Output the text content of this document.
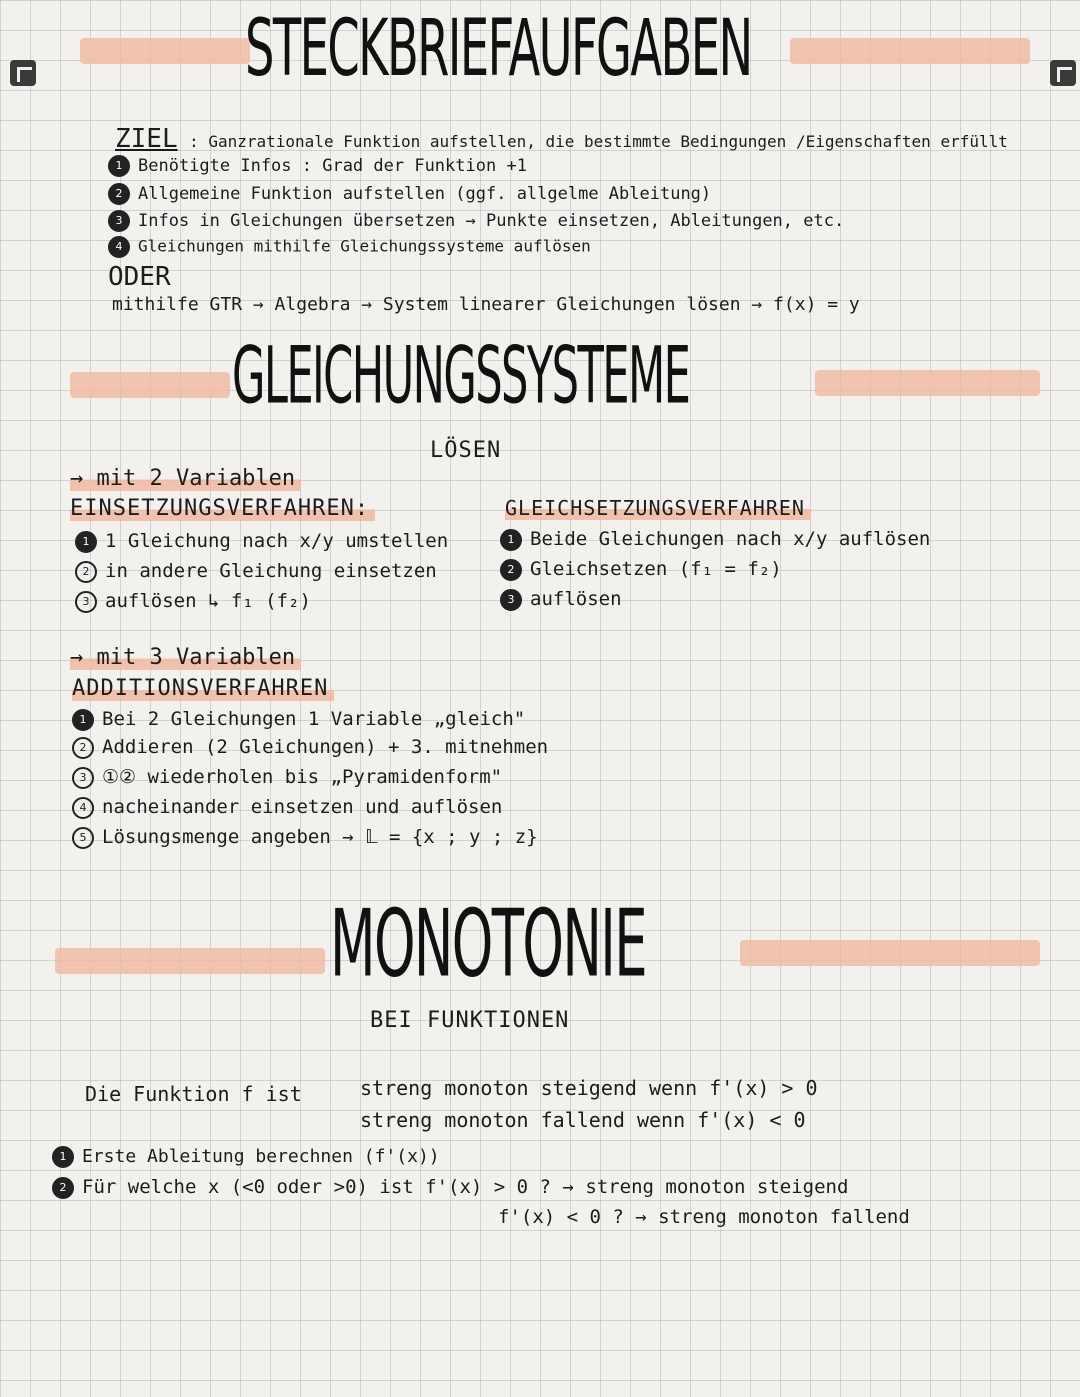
STECKBRIEFAUFGABEN
ZIEL : Ganzrationale Funktion aufstellen, die bestimmte Bedingungen /Eigenschaften erfüllt
1 Benötigte Infos : Grad der Funktion +1
2 Allgemeine Funktion aufstellen (ggf. allgelme Ableitung)
3 Infos in Gleichungen übersetzen → Punkte einsetzen, Ableitungen, etc.
4 Gleichungen mithilfe Gleichungssysteme auflösen
ODER
mithilfe GTR → Algebra → System linearer Gleichungen lösen → f(x) = y
GLEICHUNGSSYSTEME
LÖSEN
→ mit 2 Variablen
EINSETZUNGSVERFAHREN:
1 1 Gleichung nach x/y umstellen
2 in andere Gleichung einsetzen
3 auflösen ↳ f₁ (f₂)
GLEICHSETZUNGSVERFAHREN
1 Beide Gleichungen nach x/y auflösen
2 Gleichsetzen (f₁ = f₂)
3 auflösen
→ mit 3 Variablen
ADDITIONSVERFAHREN
1 Bei 2 Gleichungen 1 Variable „gleich"
2 Addieren (2 Gleichungen) + 3. mitnehmen
3 ①② wiederholen bis „Pyramidenform"
4 nacheinander einsetzen und auflösen
5 Lösungsmenge angeben → 𝕃 = {x ; y ; z}
MONOTONIE
BEI FUNKTIONEN
Die Funktion f ist	streng monoton steigend wenn f'(x) > 0
streng monoton fallend wenn f'(x) < 0
1 Erste Ableitung berechnen (f'(x))
2 Für welche x (<0 oder >0) ist f'(x) > 0 ? → streng monoton steigend
f'(x) < 0 ? → streng monoton fallend
